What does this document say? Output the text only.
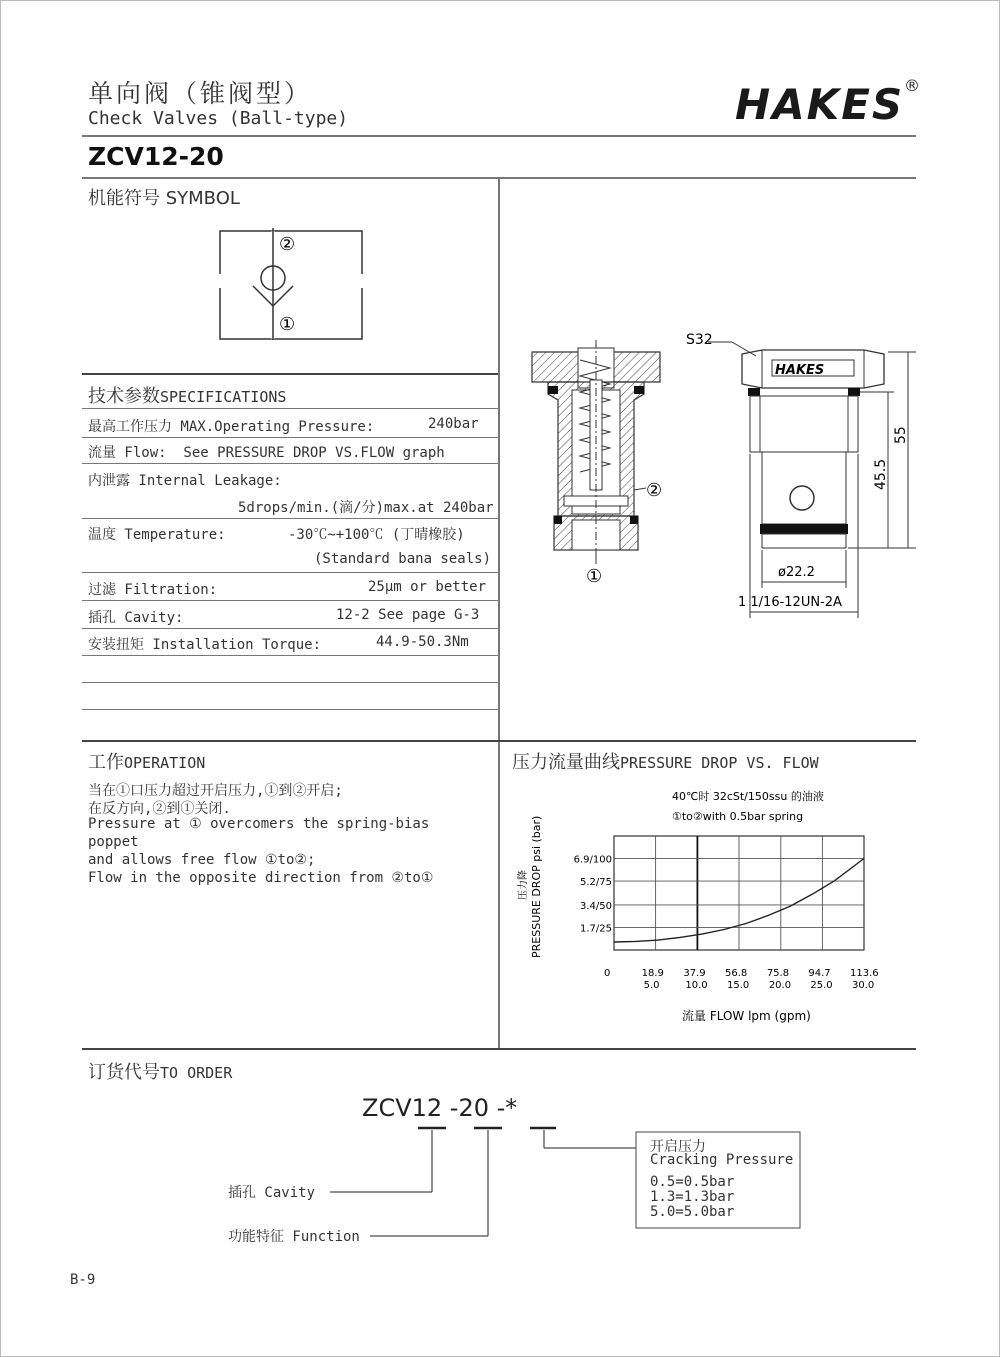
单向阀（锥阀型）
Check Valves (Ball-type)	HAKES ®
ZCV12-20
机能符号 SYMBOL
②
①
技术参数SPECIFICATIONS
最高工作压力 MAX.Operating Pressure:	240bar
流量 Flow:  See PRESSURE DROP VS.FLOW graph
内泄露 Internal Leakage:
5drops/min.(滴/分)max.at 240bar
温度 Temperature:	-30℃~+100℃ (丁晴橡胶)
(Standard bana seals)
过滤 Filtration:	25μm or better
插孔 Cavity:	12-2 See page G-3
安装扭矩 Installation Torque:	44.9-50.3Nm
②
①
HAKES
S32
55
45.5
ø22.2
1 1/16-12UN-2A
工作OPERATION
当在①口压力超过开启压力,①到②开启;
在反方向,②到①关闭.
Pressure at ① overcomers the spring-bias
poppet
and allows free flow ①to②;
Flow in the opposite direction from ②to①
压力流量曲线PRESSURE DROP VS. FLOW
40℃时 32cSt/150ssu 的油液
①to②with 0.5bar spring
PRESSURE DROP psi (bar)
压力降
流量 FLOW lpm (gpm)
18.9
5.0
37.9
10.0
56.8
15.0
75.8
20.0
94.7
25.0
113.6
30.0
6.9/100
5.2/75
3.4/50
1.7/25
0
订货代号TO ORDER
ZCV12 -20 -*
插孔 Cavity
功能特征 Function
开启压力
Cracking Pressure
0.5=0.5bar
1.3=1.3bar
5.0=5.0bar
B-9
